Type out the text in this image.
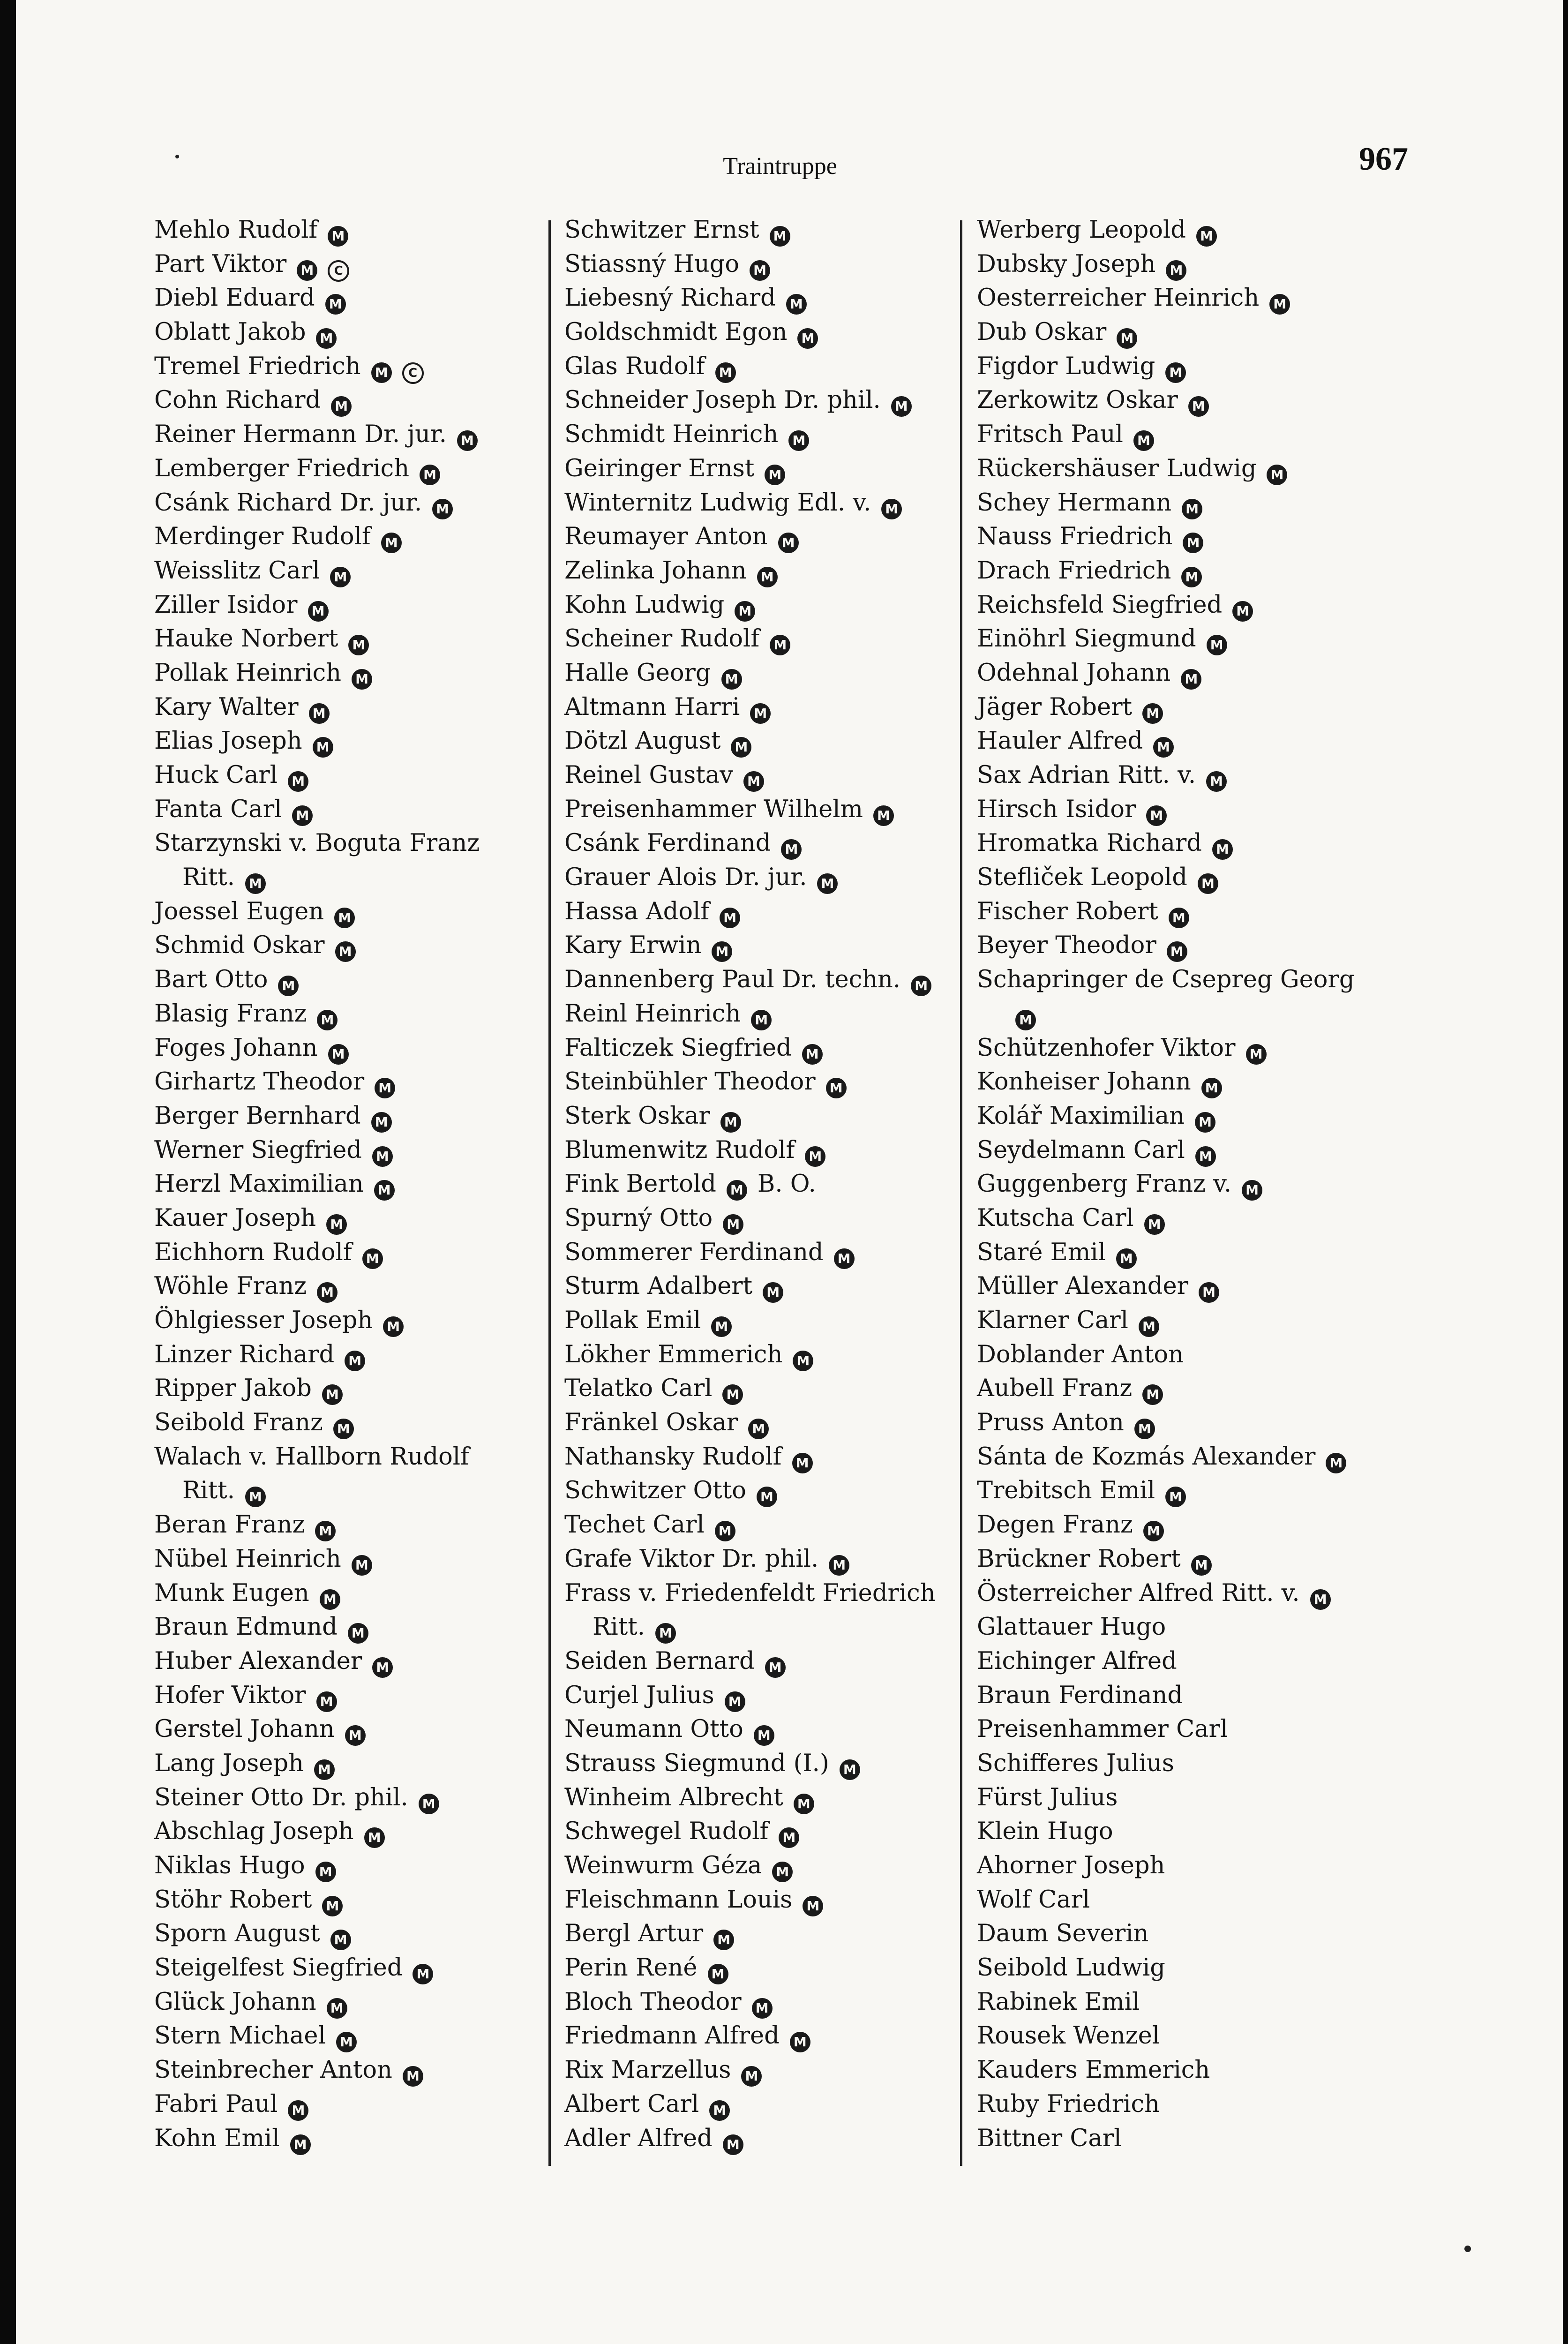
Traintruppe	967
Mehlo Rudolf M
Part Viktor M C
Diebl Eduard M
Oblatt Jakob M
Tremel Friedrich M C
Cohn Richard M
Reiner Hermann Dr. jur. M
Lemberger Friedrich M
Csánk Richard Dr. jur. M
Merdinger Rudolf M
Weisslitz Carl M
Ziller Isidor M
Hauke Norbert M
Pollak Heinrich M
Kary Walter M
Elias Joseph M
Huck Carl M
Fanta Carl M
Starzynski v. Boguta Franz
Ritt. M
Joessel Eugen M
Schmid Oskar M
Bart Otto M
Blasig Franz M
Foges Johann M
Girhartz Theodor M
Berger Bernhard M
Werner Siegfried M
Herzl Maximilian M
Kauer Joseph M
Eichhorn Rudolf M
Wöhle Franz M
Öhlgiesser Joseph M
Linzer Richard M
Ripper Jakob M
Seibold Franz M
Walach v. Hallborn Rudolf
Ritt. M
Beran Franz M
Nübel Heinrich M
Munk Eugen M
Braun Edmund M
Huber Alexander M
Hofer Viktor M
Gerstel Johann M
Lang Joseph M
Steiner Otto Dr. phil. M
Abschlag Joseph M
Niklas Hugo M
Stöhr Robert M
Sporn August M
Steigelfest Siegfried M
Glück Johann M
Stern Michael M
Steinbrecher Anton M
Fabri Paul M
Kohn Emil M
Schwitzer Ernst M
Stiassný Hugo M
Liebesný Richard M
Goldschmidt Egon M
Glas Rudolf M
Schneider Joseph Dr. phil. M
Schmidt Heinrich M
Geiringer Ernst M
Winternitz Ludwig Edl. v. M
Reumayer Anton M
Zelinka Johann M
Kohn Ludwig M
Scheiner Rudolf M
Halle Georg M
Altmann Harri M
Dötzl August M
Reinel Gustav M
Preisenhammer Wilhelm M
Csánk Ferdinand M
Grauer Alois Dr. jur. M
Hassa Adolf M
Kary Erwin M
Dannenberg Paul Dr. techn. M
Reinl Heinrich M
Falticzek Siegfried M
Steinbühler Theodor M
Sterk Oskar M
Blumenwitz Rudolf M
Fink Bertold M B. O.
Spurný Otto M
Sommerer Ferdinand M
Sturm Adalbert M
Pollak Emil M
Lökher Emmerich M
Telatko Carl M
Fränkel Oskar M
Nathansky Rudolf M
Schwitzer Otto M
Techet Carl M
Grafe Viktor Dr. phil. M
Frass v. Friedenfeldt Friedrich
Ritt. M
Seiden Bernard M
Curjel Julius M
Neumann Otto M
Strauss Siegmund (I.) M
Winheim Albrecht M
Schwegel Rudolf M
Weinwurm Géza M
Fleischmann Louis M
Bergl Artur M
Perin René M
Bloch Theodor M
Friedmann Alfred M
Rix Marzellus M
Albert Carl M
Adler Alfred M
Werberg Leopold M
Dubsky Joseph M
Oesterreicher Heinrich M
Dub Oskar M
Figdor Ludwig M
Zerkowitz Oskar M
Fritsch Paul M
Rückershäuser Ludwig M
Schey Hermann M
Nauss Friedrich M
Drach Friedrich M
Reichsfeld Siegfried M
Einöhrl Siegmund M
Odehnal Johann M
Jäger Robert M
Hauler Alfred M
Sax Adrian Ritt. v. M
Hirsch Isidor M
Hromatka Richard M
Stefliček Leopold M
Fischer Robert M
Beyer Theodor M
Schapringer de Csepreg Georg
M
Schützenhofer Viktor M
Konheiser Johann M
Kolář Maximilian M
Seydelmann Carl M
Guggenberg Franz v. M
Kutscha Carl M
Staré Emil M
Müller Alexander M
Klarner Carl M
Doblander Anton
Aubell Franz M
Pruss Anton M
Sánta de Kozmás Alexander M
Trebitsch Emil M
Degen Franz M
Brückner Robert M
Österreicher Alfred Ritt. v. M
Glattauer Hugo
Eichinger Alfred
Braun Ferdinand
Preisenhammer Carl
Schifferes Julius
Fürst Julius
Klein Hugo
Ahorner Joseph
Wolf Carl
Daum Severin
Seibold Ludwig
Rabinek Emil
Rousek Wenzel
Kauders Emmerich
Ruby Friedrich
Bittner Carl
